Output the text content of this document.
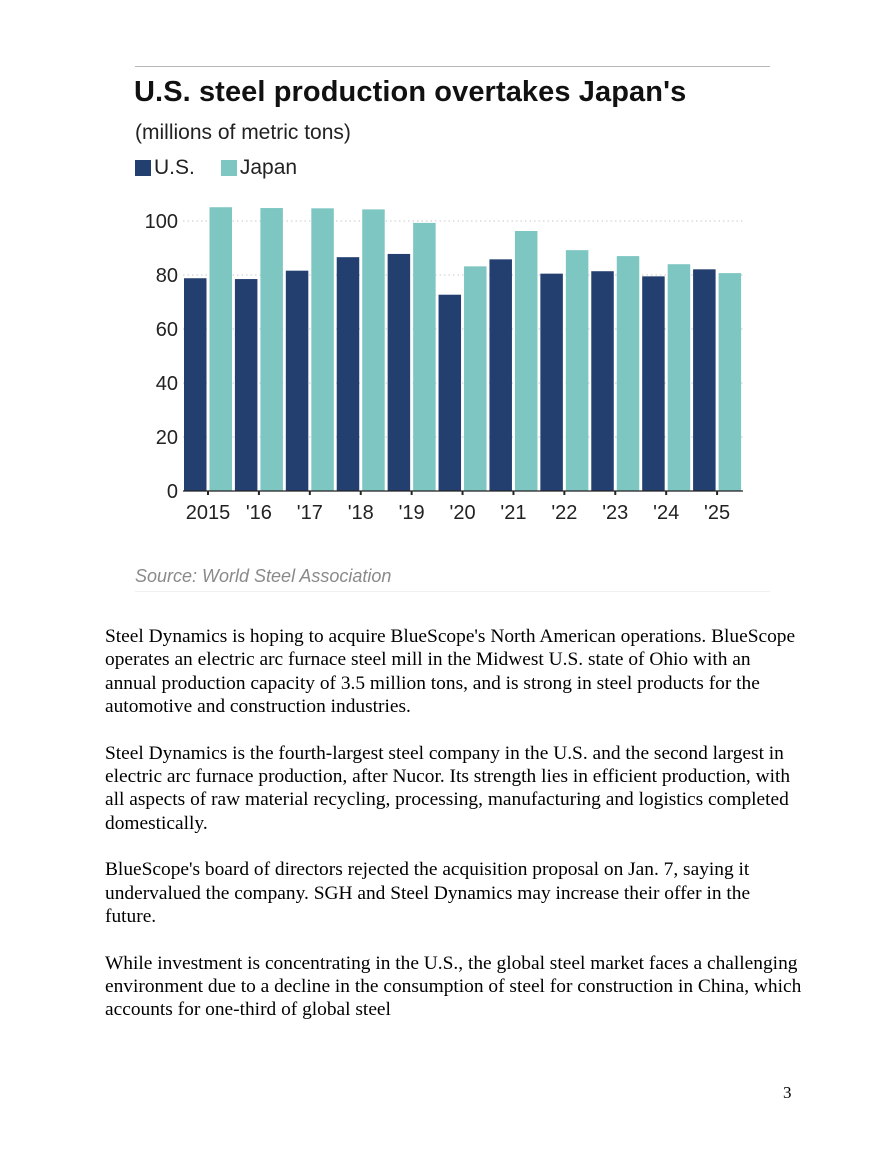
U.S. steel production overtakes Japan's
(millions of metric tons)
U.S. Japan
0
20
40
60
80
100
2015 '16 '17 '18 '19 '20 '21 '22 '23 '24 '25
Source: World Steel Association

Steel Dynamics is hoping to acquire BlueScope's North American operations. BlueScope operates an electric arc furnace steel mill in the Midwest U.S. state of Ohio with an annual production capacity of 3.5 million tons, and is strong in steel products for the automotive and construction industries.

Steel Dynamics is the fourth-largest steel company in the U.S. and the second largest in electric arc furnace production, after Nucor. Its strength lies in efficient production, with all aspects of raw material recycling, processing, manufacturing and logistics completed domestically.

BlueScope's board of directors rejected the acquisition proposal on Jan. 7, saying it undervalued the company. SGH and Steel Dynamics may increase their offer in the future.

While investment is concentrating in the U.S., the global steel market faces a challenging environment due to a decline in the consumption of steel for construction in China, which accounts for one-third of global steel

3
